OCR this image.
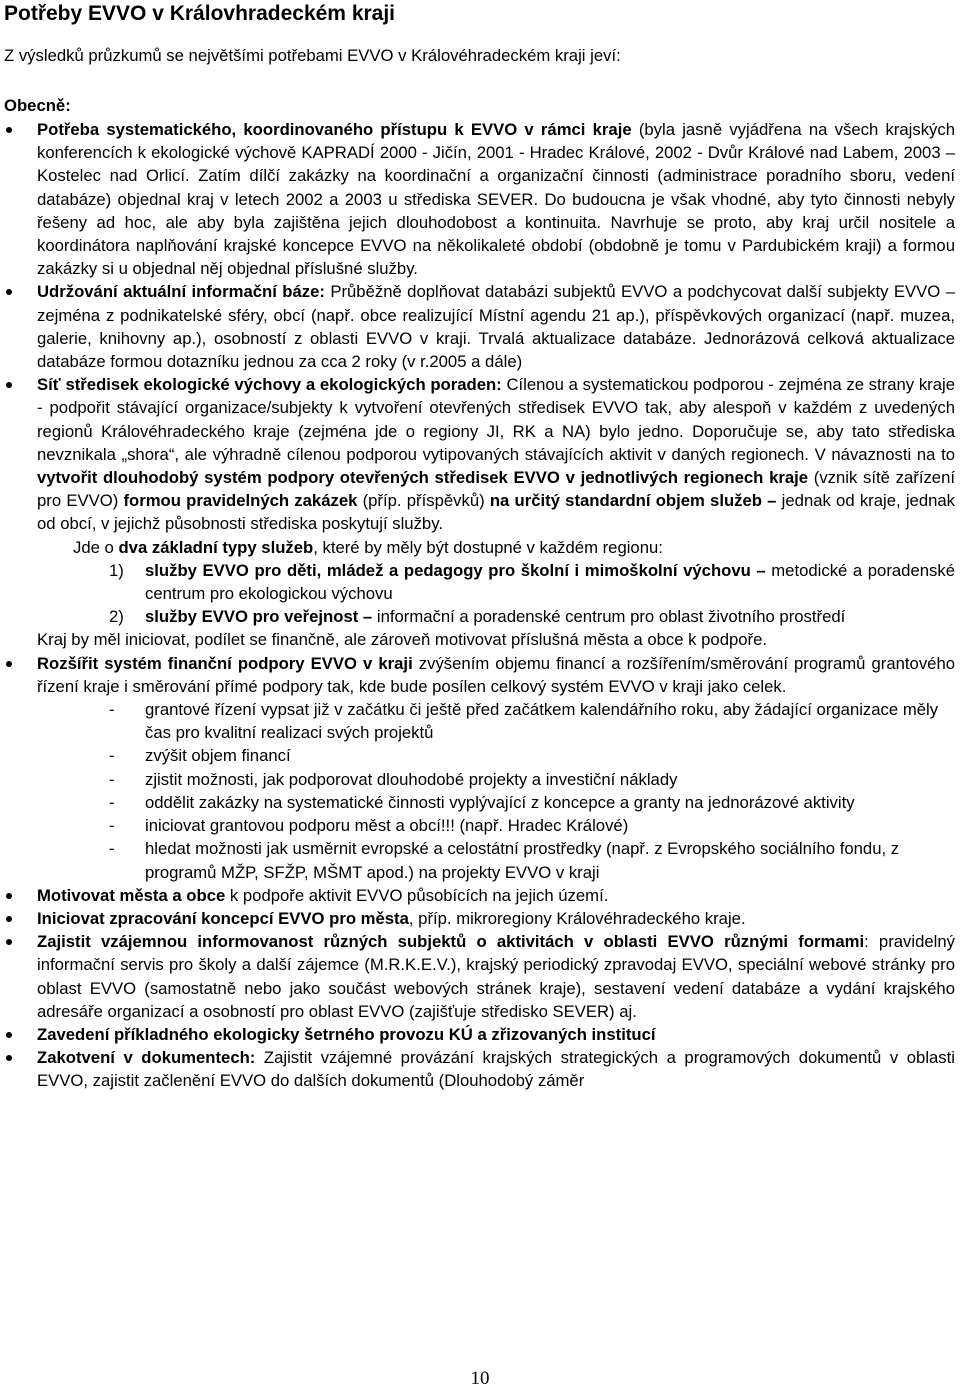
Potřeby EVVO v Královhradeckém kraji

Z výsledků průzkumů se největšími potřebami EVVO v Královéhradeckém kraji jeví:

Obecně:

Potřeba systematického, koordinovaného přístupu k EVVO v rámci kraje (byla jasně vyjádřena na všech krajských konferencích k ekologické výchově KAPRADÍ 2000 - Jičín, 2001 - Hradec Králové, 2002 - Dvůr Králové nad Labem, 2003 – Kostelec nad Orlicí. Zatím dílčí zakázky na koordinační a organizační činnosti (administrace poradního sboru, vedení databáze) objednal kraj v letech 2002 a 2003 u střediska SEVER. Do budoucna je však vhodné, aby tyto činnosti nebyly řešeny ad hoc, ale aby byla zajištěna jejich dlouhodobost a kontinuita. Navrhuje se proto, aby kraj určil nositele a koordinátora naplňování krajské koncepce EVVO na několikaleté období (obdobně je tomu v Pardubickém kraji) a formou zakázky si u objednal něj objednal příslušné služby.
Udržování aktuální informační báze: Průběžně doplňovat databázi subjektů EVVO a podchycovat další subjekty EVVO – zejména z podnikatelské sféry, obcí (např. obce realizující Místní agendu 21 ap.), příspěvkových organizací (např. muzea, galerie, knihovny ap.), osobností z oblasti EVVO v kraji. Trvalá aktualizace databáze. Jednorázová celková aktualizace databáze formou dotazníku jednou za cca 2 roky (v r.2005 a dále)
Síť středisek ekologické výchovy a ekologických poraden: Cílenou a systematickou podporou - zejména ze strany kraje - podpořit stávající organizace/subjekty k vytvoření otevřených středisek EVVO tak, aby alespoň v každém z uvedených regionů Královéhradeckého kraje (zejména jde o regiony JI, RK a NA) bylo jedno. Doporučuje se, aby tato střediska nevznikala „shora“, ale výhradně cílenou podporou vytipovaných stávajících aktivit v daných regionech. V návaznosti na to vytvořit dlouhodobý systém podpory otevřených středisek EVVO v jednotlivých regionech kraje (vznik sítě zařízení pro EVVO) formou pravidelných zakázek (příp. příspěvků) na určitý standardní objem služeb – jednak od kraje, jednak od obcí, v jejichž působnosti střediska poskytují služby.
Jde o dva základní typy služeb, které by měly být dostupné v každém regionu:
1) služby EVVO pro děti, mládež a pedagogy pro školní i mimoškolní výchovu – metodické a poradenské centrum pro ekologickou výchovu
2) služby EVVO pro veřejnost – informační a poradenské centrum pro oblast životního prostředí
Kraj by měl iniciovat, podílet se finančně, ale zároveň motivovat příslušná města a obce k podpoře.
Rozšířit systém finanční podpory EVVO v kraji zvýšením objemu financí a rozšířením/směrování programů grantového řízení kraje i směrování přímé podpory tak, kde bude posílen celkový systém EVVO v kraji jako celek.
- grantové řízení vypsat již v začátku či ještě před začátkem kalendářního roku, aby žádající organizace měly čas pro kvalitní realizaci svých projektů
- zvýšit objem financí
- zjistit možnosti, jak podporovat dlouhodobé projekty a investiční náklady
- oddělit zakázky na systematické činnosti vyplývající z koncepce a granty na jednorázové aktivity
- iniciovat grantovou podporu měst a obcí!!! (např. Hradec Králové)
- hledat možnosti jak usměrnit evropské a celostátní prostředky (např. z Evropského sociálního fondu, z programů MŽP, SFŽP, MŠMT apod.) na projekty EVVO v kraji
Motivovat města a obce k podpoře aktivit EVVO působících na jejich území.
Iniciovat zpracování koncepcí EVVO pro města, příp. mikroregiony Královéhradeckého kraje.
Zajistit vzájemnou informovanost různých subjektů o aktivitách v oblasti EVVO různými formami: pravidelný informační servis pro školy a další zájemce (M.R.K.E.V.), krajský periodický zpravodaj EVVO, speciální webové stránky pro oblast EVVO (samostatně nebo jako součást webových stránek kraje), sestavení vedení databáze a vydání krajského adresáře organizací a osobností pro oblast EVVO (zajišťuje středisko SEVER) aj.
Zavedení příkladného ekologicky šetrného provozu KÚ a zřizovaných institucí
Zakotvení v dokumentech: Zajistit vzájemné provázání krajských strategických a programových dokumentů v oblasti EVVO, zajistit začlenění EVVO do dalších dokumentů (Dlouhodobý záměr
10
